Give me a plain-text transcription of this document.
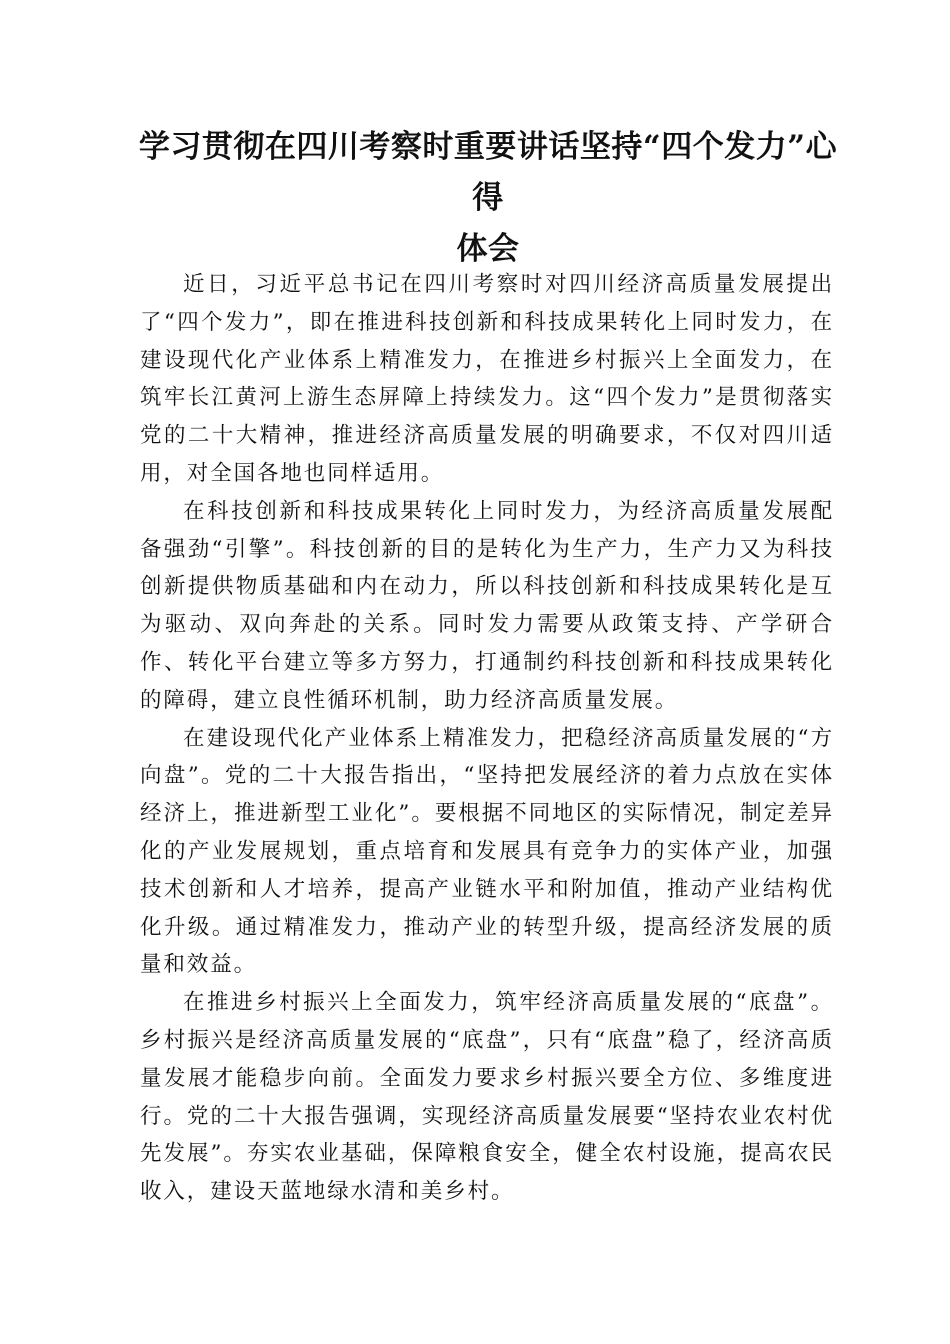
学习贯彻在四川考察时重要讲话坚持“四个发力”心得
体会

近日，习近平总书记在四川考察时对四川经济高质量发展提出了“四个发力”，即在推进科技创新和科技成果转化上同时发力，在建设现代化产业体系上精准发力，在推进乡村振兴上全面发力，在筑牢长江黄河上游生态屏障上持续发力。这“四个发力”是贯彻落实党的二十大精神，推进经济高质量发展的明确要求，不仅对四川适用，对全国各地也同样适用。

在科技创新和科技成果转化上同时发力，为经济高质量发展配备强劲“引擎”。科技创新的目的是转化为生产力，生产力又为科技创新提供物质基础和内在动力，所以科技创新和科技成果转化是互为驱动、双向奔赴的关系。同时发力需要从政策支持、产学研合作、转化平台建立等多方努力，打通制约科技创新和科技成果转化的障碍，建立良性循环机制，助力经济高质量发展。

在建设现代化产业体系上精准发力，把稳经济高质量发展的“方向盘”。党的二十大报告指出，“坚持把发展经济的着力点放在实体经济上，推进新型工业化”。要根据不同地区的实际情况，制定差异化的产业发展规划，重点培育和发展具有竞争力的实体产业，加强技术创新和人才培养，提高产业链水平和附加值，推动产业结构优化升级。通过精准发力，推动产业的转型升级，提高经济发展的质量和效益。

在推进乡村振兴上全面发力，筑牢经济高质量发展的“底盘”。乡村振兴是经济高质量发展的“底盘”，只有“底盘”稳了，经济高质量发展才能稳步向前。全面发力要求乡村振兴要全方位、多维度进行。党的二十大报告强调，实现经济高质量发展要“坚持农业农村优先发展”。夯实农业基础，保障粮食安全，健全农村设施，提高农民收入，建设天蓝地绿水清和美乡村。
